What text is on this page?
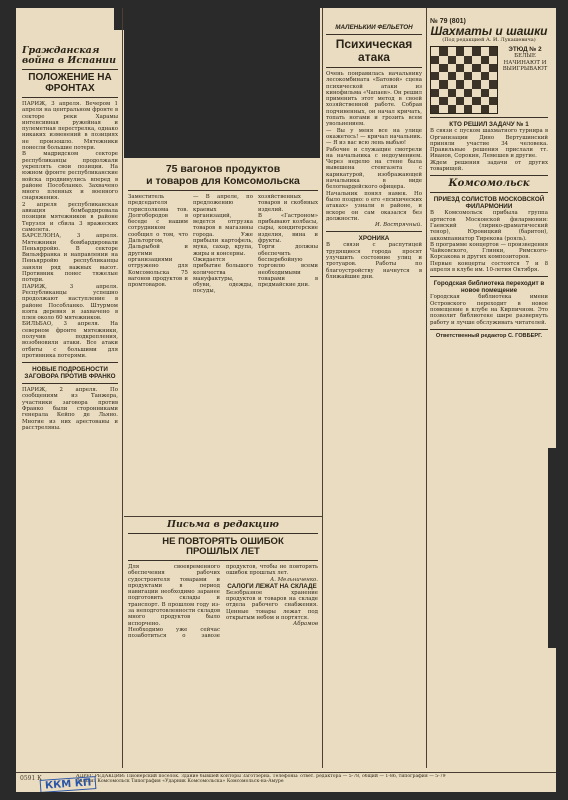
Гражданская война в Испании
ПОЛОЖЕНИЕ НА ФРОНТАХ

ПАРИЖ, 3 апреля. Вечером 1 апреля на центральном фронте в секторе реки Харамы интенсивная ружейная и пулеметная перестрелка, однако никаких изменений в позициях не произошло. Мятежники понесли большие потери.

В мадридском секторе республиканцы продолжали укреплять свои позиции. На южном фронте республиканские войска продвинулись вперед в районе Пособланко. Захвачено много пленных и военного снаряжения.

2 апреля республиканская авиация бомбардировала позиции мятежников в районе Теруэля и сбила 3 вражеских самолета.

БАРСЕЛОНА, 3 апреля. Мятежники бомбардировали Пеньярройю. В секторе Вильяфранка и направлении на Пеньярройю республиканцы заняли ряд важных высот. Противник понес тяжелые потери.

ПАРИЖ, 3 апреля. Республиканцы успешно продолжают наступление в районе Пособланко. Штурмом взята деревня и захвачено в плен около 60 мятежников.

БИЛЬБАО, 3 апреля. На северном фронте мятежники, получив подкрепления, возобновили атаки. Все атаки отбиты с большими для противника потерями.

НОВЫЕ ПОДРОБНОСТИ ЗАГОВОРА ПРОТИВ ФРАНКО

ПАРИЖ, 2 апреля. По сообщениям из Танжера, участники заговора против Франко были сторонниками генерала Кейпо де Льяно. Многие из них арестованы и расстреляны.

75 вагонов продуктов
и товаров для Комсомольска

Заместитель председателя горисполкома тов. Долгобородов в беседе с нашим сотрудником сообщил о том, что Дальторгом, Дальрыбой и другими организациями отгружено для Комсомольска 75 вагонов продуктов и промтоваров.

— В апреле, по предложению краевых организаций, ведется отгрузка товаров в магазины города. Уже прибыли картофель, мука, сахар, крупа, жиры и консервы.

Ожидается прибытие большого количества мануфактуры, обуви, одежды, посуды, хозяйственных товаров и скобяных изделий.

В «Гастроном» прибывают колбасы, сыры, кондитерские изделия, вина и фрукты.

Торги должны обеспечить бесперебойную торговлю всеми необходимыми товарами в предмайские дни.

Письма в редакцию
НЕ ПОВТОРЯТЬ ОШИБОК
ПРОШЛЫХ ЛЕТ

Для своевременного обеспечения рабочих судостроителя товарами и продуктами в период навигации необходимо заранее подготовить склады и транспорт. В прошлом году из-за неподготовленности складов много продуктов было испорчено.

Необходимо уже сейчас позаботиться о завозе продуктов, чтобы не повторять ошибок прошлых лет.

А. Мельниченко.

САЛОГИ ЛЕЖАТ НА СКЛАДЕ

Безобразное хранение продуктов и товаров на складе отдела рабочего снабжения. Ценные товары лежат под открытым небом и портятся.

Абрамов

МАЛЕНЬКИЙ ФЕЛЬЕТОН
Психическая атака

Очень понравилась начальнику лесокомбината «Батовой» сцена психической атаки из кинофильма «Чапаев». Он решил применить этот метод в своей хозяйственной работе. Собрав подчиненных, он начал кричать, топать ногами и грозить всем увольнением.

— Вы у меня все на улице окажетесь! — кричал начальник. — Я из вас всю лень выбью!

Рабочие и служащие смотрели на начальника с недоумением. Через неделю на стене была вывешена стенгазета с карикатурой, изображающей начальника в виде белогвардейского офицера.

Начальник понял намек. Но было поздно: о его «психических атаках» узнали в районе, и вскоре он сам оказался без должности.

И. Вострячный.

ХРОНИКА

В связи с распутицей трудящиеся города просят улучшить состояние улиц и тротуаров. Работы по благоустройству начнутся в ближайшие дни.

№ 79 (801)
Шахматы и шашки
(Под редакцией А. И. Лукашевича)
ЭТЮД № 2
БЕЛЫЕ НАЧИНАЮТ И ВЫИГРЫВАЮТ
КТО РЕШИЛ ЗАДАЧУ № 1

В связи с пуском шахматного турнира в Организации Дино Вертушинский приняли участие 34 человека. Правильные решения прислали тт. Иванов, Сорокин, Лемешев и другие.

Ждем решения задачи от других товарищей.

Комсомольск
ПРИЕЗД СОЛИСТОВ МОСКОВСКОЙ ФИЛАРМОНИИ

В Комсомольск прибыла группа артистов Московской филармонии: Гаевский (лирико-драматический тенор), Юровицкий (баритон), аккомпаниатор Тирекова (рояль).

В программе концертов — произведения Чайковского, Глинки, Римского-Корсакова и других композиторов.

Первые концерты состоятся 7 и 8 апреля в клубе им. 10-летия Октября.

Городская библиотека переходит в новое помещение

Городская библиотека имени Островского переходит в новое помещение в клубе на Кирпичном. Это позволит библиотеке шире развернуть работу и лучше обслуживать читателей.

Ответственный редактор С. ГОВБЕРГ.
АДРЕС РЕДАКЦИИ: Пионерский поселок. Здание бывшей конторы Заготзерна. Телефоны: ответ. редактора — 5-78, общий — 1-86, типография — 5-79
Дальгиз Комсомольск Типография «Ударник Комсомольска» Комсомольск-на-Амуре
0591 К ККМ КП
